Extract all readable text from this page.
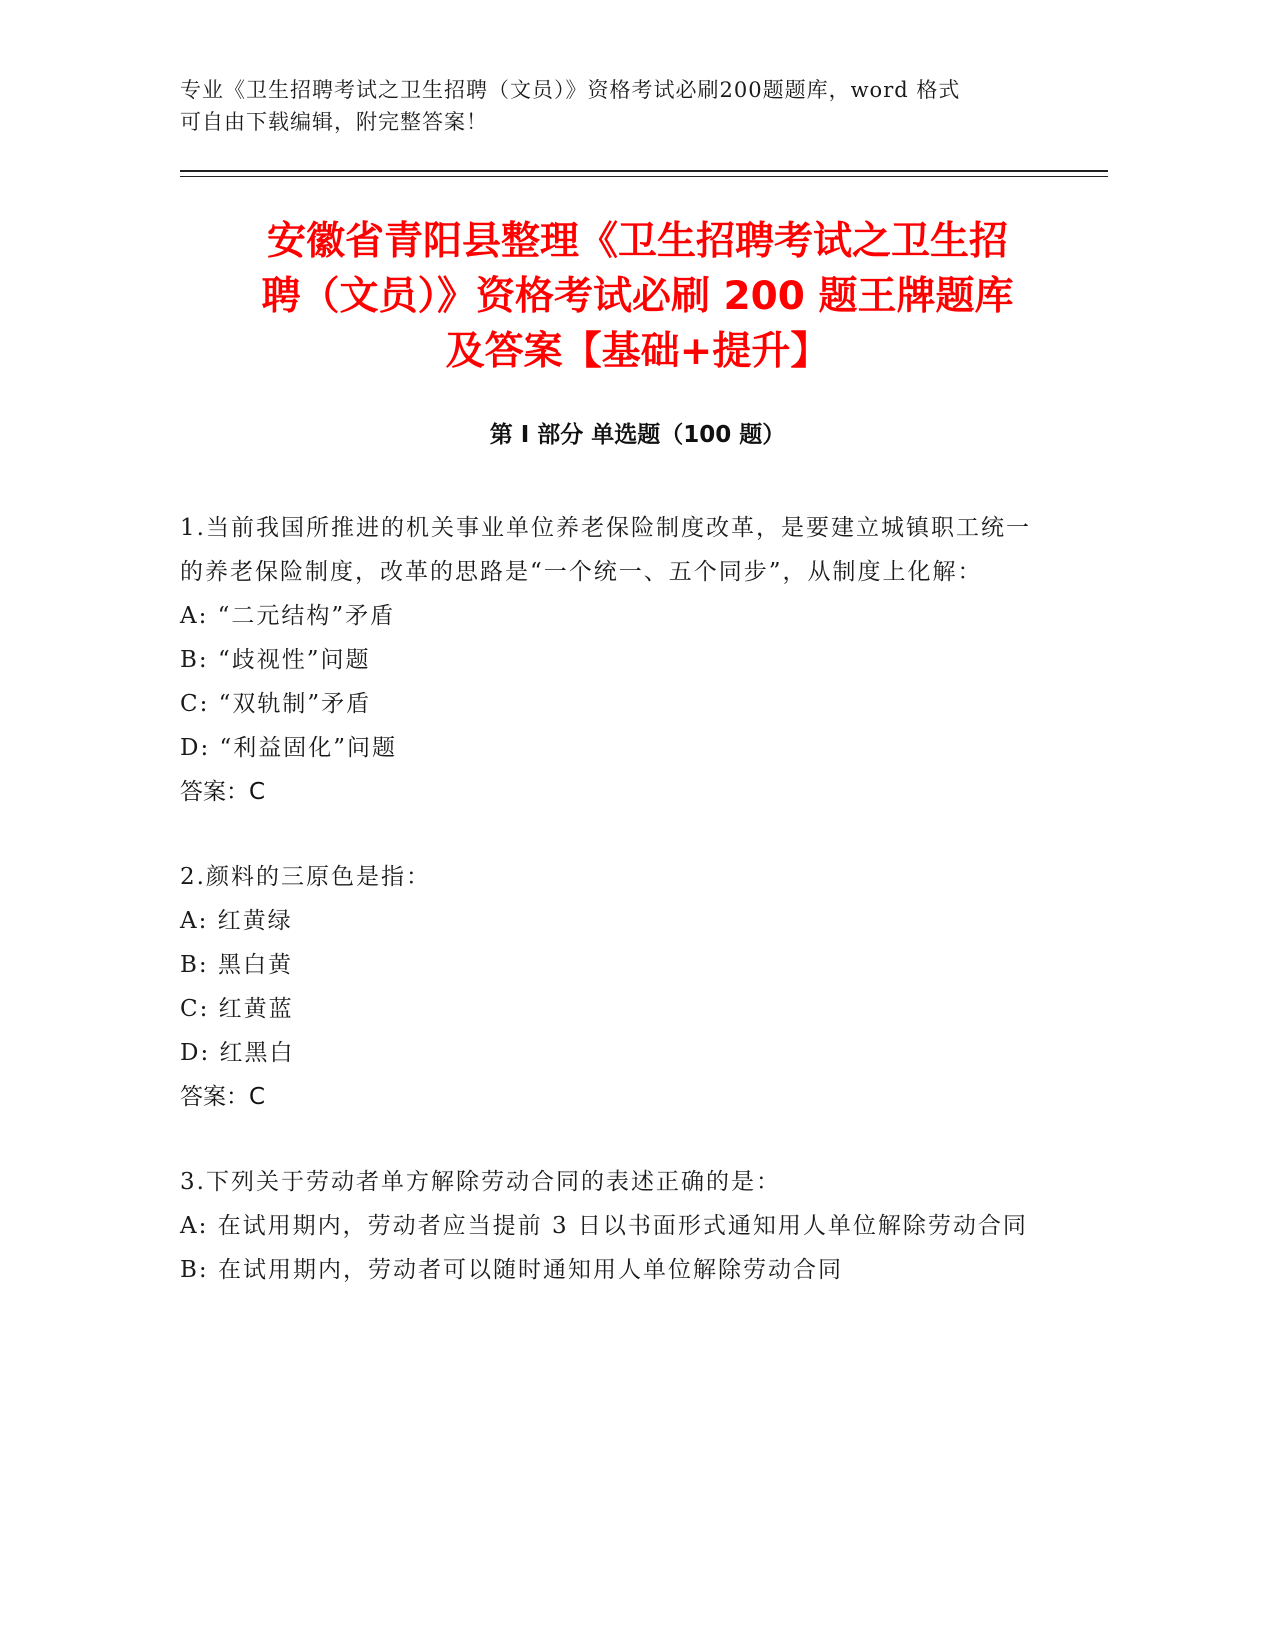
专业《卫生招聘考试之卫生招聘（文员）》资格考试必刷200题题库，word 格式
可自由下载编辑，附完整答案！
安徽省青阳县整理《卫生招聘考试之卫生招
聘（文员）》资格考试必刷 200 题王牌题库
及答案【基础+提升】
第 I 部分 单选题（100 题）

1.当前我国所推进的机关事业单位养老保险制度改革，是要建立城镇职工统一的养老保险制度，改革的思路是“一个统一、五个同步”，从制度上化解：

A: “二元结构”矛盾

B: “歧视性”问题

C: “双轨制”矛盾

D: “利益固化”问题

答案：C

2.颜料的三原色是指：

A: 红黄绿

B: 黑白黄

C: 红黄蓝

D: 红黑白

答案：C

3.下列关于劳动者单方解除劳动合同的表述正确的是：

A: 在试用期内，劳动者应当提前 3 日以书面形式通知用人单位解除劳动合同

B: 在试用期内，劳动者可以随时通知用人单位解除劳动合同
